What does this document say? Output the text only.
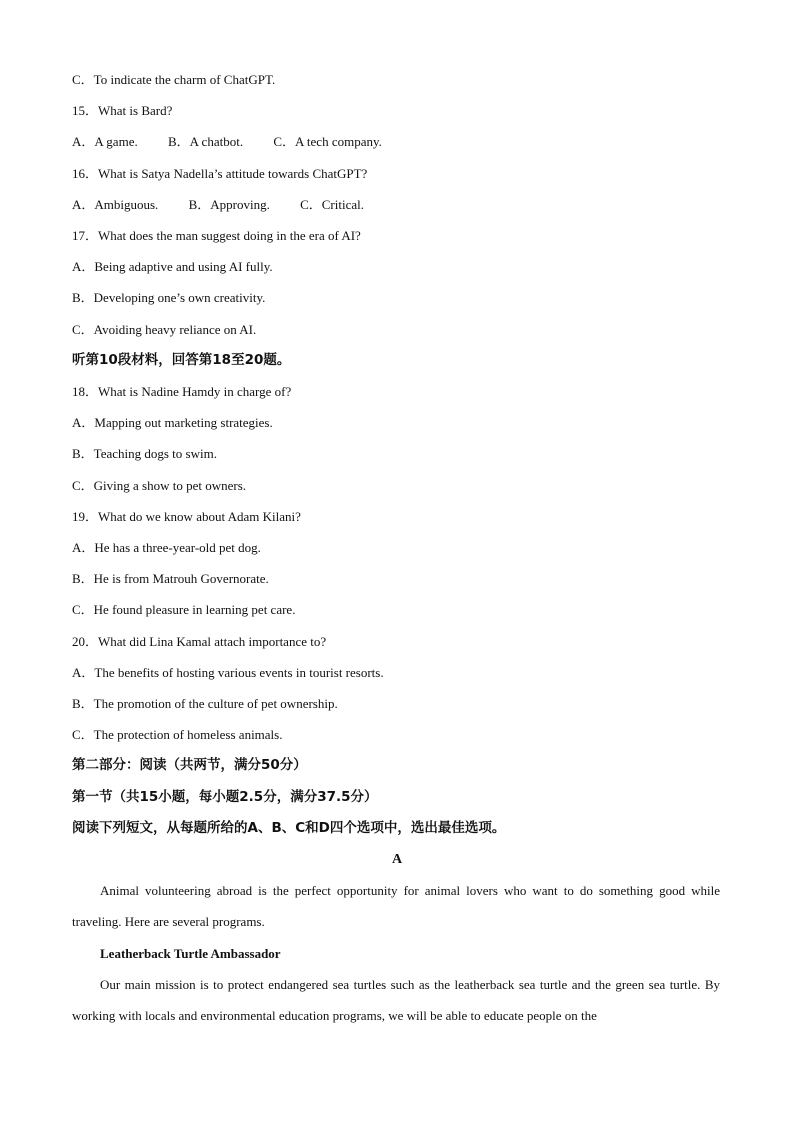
C．To indicate the charm of ChatGPT.
15．What is Bard?
A．A game. B．A chatbot. C．A tech company.
16．What is Satya Nadella’s attitude towards ChatGPT?
A．Ambiguous. B．Approving. C．Critical.
17．What does the man suggest doing in the era of AI?
A．Being adaptive and using AI fully.
B．Developing one’s own creativity.
C．Avoiding heavy reliance on AI.
听第10段材料，回答第18至20题。
18．What is Nadine Hamdy in charge of?
A．Mapping out marketing strategies.
B．Teaching dogs to swim.
C．Giving a show to pet owners.
19．What do we know about Adam Kilani?
A．He has a three-year-old pet dog.
B．He is from Matrouh Governorate.
C．He found pleasure in learning pet care.
20．What did Lina Kamal attach importance to?
A．The benefits of hosting various events in tourist resorts.
B．The promotion of the culture of pet ownership.
C．The protection of homeless animals.
第二部分：阅读（共两节，满分50分）
第一节（共15小题，每小题2.5分，满分37.5分）
阅读下列短文，从每题所给的A、B、C和D四个选项中，选出最佳选项。
A
Animal volunteering abroad is the perfect opportunity for animal lovers who want to do something good while traveling. Here are several programs.
Leatherback Turtle Ambassador
Our main mission is to protect endangered sea turtles such as the leatherback sea turtle and the green sea turtle. By working with locals and environmental education programs, we will be able to educate people on the
